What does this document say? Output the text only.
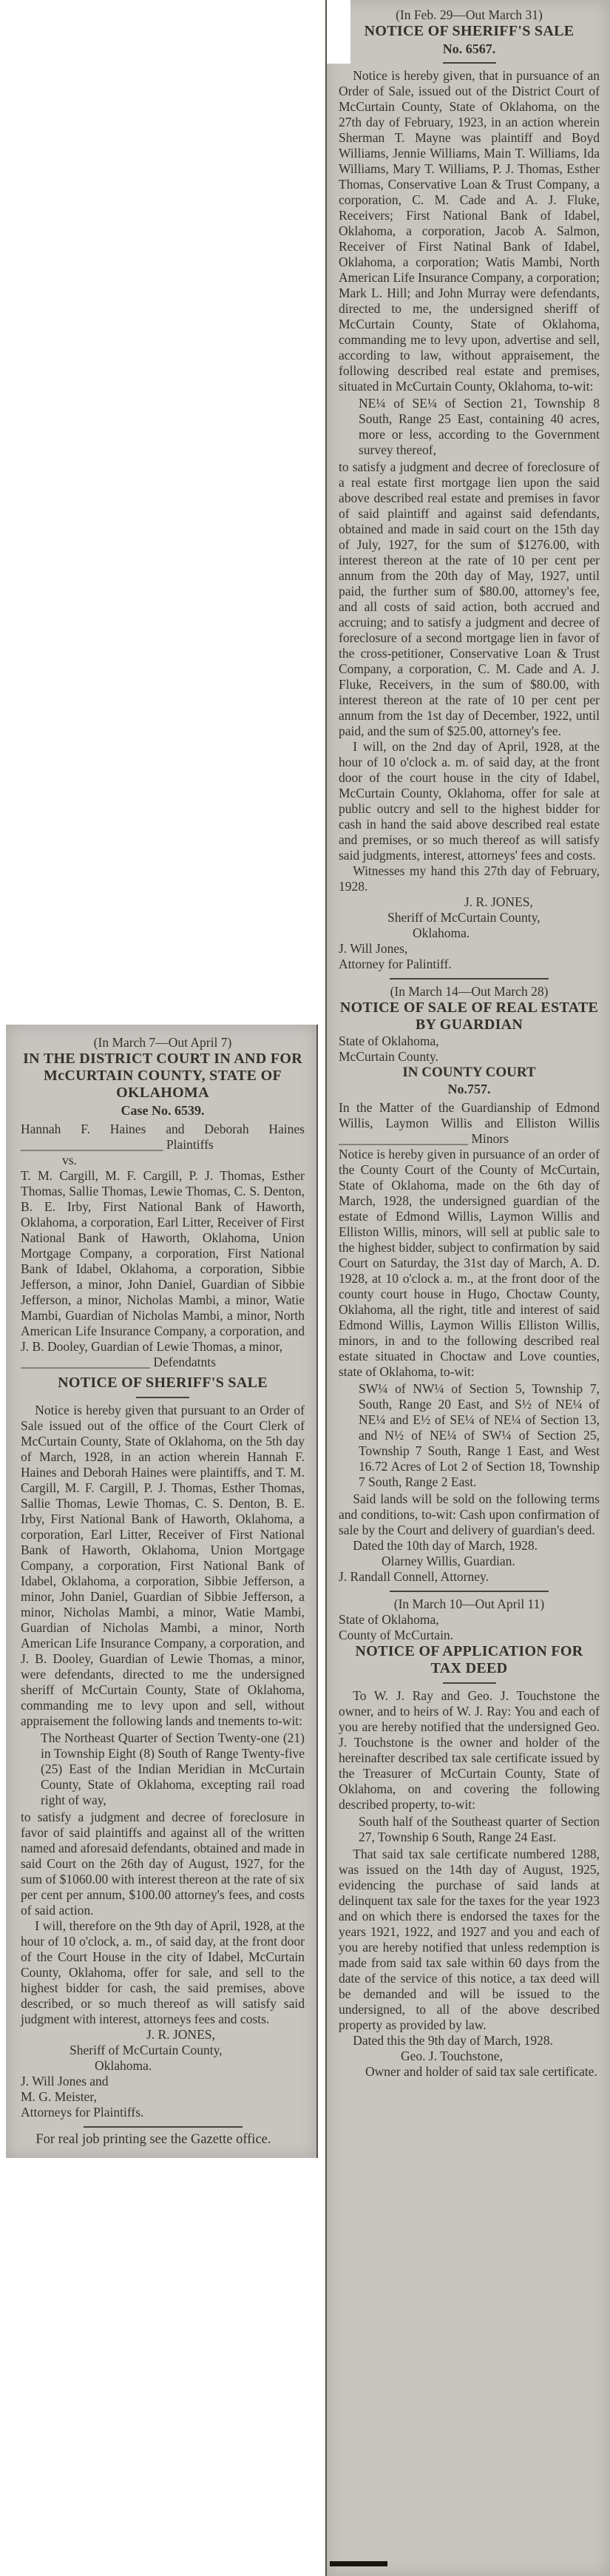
(In Feb. 29—Out March 31)

NOTICE OF SHERIFF'S SALE

No. 6567.

Notice is hereby given, that in pursuance of an Order of Sale, issued out of the District Court of McCurtain County, State of Oklahoma, on the 27th day of February, 1923, in an action wherein Sherman T. Mayne was plaintiff and Boyd Williams, Jennie Williams, Main T. Williams, Ida Williams, Mary T. Williams, P. J. Thomas, Esther Thomas, Conservative Loan & Trust Company, a corporation, C. M. Cade and A. J. Fluke, Receivers; First National Bank of Idabel, Oklahoma, a corporation, Jacob A. Salmon, Receiver of First Natinal Bank of Idabel, Oklahoma, a corporation; Watis Mambi, North American Life Insurance Company, a corporation; Mark L. Hill; and John Murray were defendants, directed to me, the undersigned sheriff of McCurtain County, State of Oklahoma, commanding me to levy upon, advertise and sell, according to law, without appraisement, the following described real estate and premises, situated in McCurtain County, Oklahoma, to-wit:

NE¼ of SE¼ of Section 21, Township 8 South, Range 25 East, containing 40 acres, more or less, according to the Government survey thereof,

to satisfy a judgment and decree of foreclosure of a real estate first mortgage lien upon the said above described real estate and premises in favor of said plaintiff and against said defendants, obtained and made in said court on the 15th day of July, 1927, for the sum of $1276.00, with interest thereon at the rate of 10 per cent per annum from the 20th day of May, 1927, until paid, the further sum of $80.00, attorney's fee, and all costs of said action, both accrued and accruing; and to satisfy a judgment and decree of foreclosure of a second mortgage lien in favor of the cross-petitioner, Conservative Loan & Trust Company, a corporation, C. M. Cade and A. J. Fluke, Receivers, in the sum of $80.00, with interest thereon at the rate of 10 per cent per annum from the 1st day of December, 1922, until paid, and the sum of $25.00, attorney's fee.

I will, on the 2nd day of April, 1928, at the hour of 10 o'clock a. m. of said day, at the front door of the court house in the city of Idabel, McCurtain County, Oklahoma, offer for sale at public outcry and sell to the highest bidder for cash in hand the said above described real estate and premises, or so much thereof as will satisfy said judgments, interest, attorneys' fees and costs.

Witnesses my hand this 27th day of February, 1928.

J. R. JONES,

Sheriff of McCurtain County,

Oklahoma.

J. Will Jones,

Attorney for Palintiff.

(In March 14—Out March 28)

NOTICE OF SALE OF REAL ESTATE BY GUARDIAN

State of Oklahoma,

McCurtain County.

IN COUNTY COURT

No.757.

In the Matter of the Guardianship of Edmond Willis, Laymon Willis and Elliston Willis ____________________ Minors

Notice is hereby given in pursuance of an order of the County Court of the County of McCurtain, State of Oklahoma, made on the 6th day of March, 1928, the undersigned guardian of the estate of Edmond Willis, Laymon Willis and Elliston Willis, minors, will sell at public sale to the highest bidder, subject to confirmation by said Court on Saturday, the 31st day of March, A. D. 1928, at 10 o'clock a. m., at the front door of the county court house in Hugo, Choctaw County, Oklahoma, all the right, title and interest of said Edmond Willis, Laymon Willis Elliston Willis, minors, in and to the following described real estate situated in Choctaw and Love counties, state of Oklahoma, to-wit:

SW¼ of NW¼ of Section 5, Township 7, South, Range 20 East, and S½ of NE¼ of NE¼ and E½ of SE¼ of NE¼ of Section 13, and N½ of NE¼ of SW¼ of Section 25, Township 7 South, Range 1 East, and West 16.72 Acres of Lot 2 of Section 18, Township 7 South, Range 2 East.

Said lands will be sold on the following terms and conditions, to-wit: Cash upon confirmation of sale by the Court and delivery of guardian's deed.

Dated the 10th day of March, 1928.

Olarney Willis, Guardian.

J. Randall Connell, Attorney.

(In March 10—Out April 11)

State of Oklahoma,

County of McCurtain.

NOTICE OF APPLICATION FOR TAX DEED

To W. J. Ray and Geo. J. Touchstone the owner, and to heirs of W. J. Ray: You and each of you are hereby notified that the undersigned Geo. J. Touchstone is the owner and holder of the hereinafter described tax sale certificate issued by the Treasurer of McCurtain County, State of Oklahoma, on and covering the following described property, to-wit:

South half of the Southeast quarter of Section 27, Township 6 South, Range 24 East.

That said tax sale certificate numbered 1288, was issued on the 14th day of August, 1925, evidencing the purchase of said lands at delinquent tax sale for the taxes for the year 1923 and on which there is endorsed the taxes for the years 1921, 1922, and 1927 and you and each of you are hereby notified that unless redemption is made from said tax sale within 60 days from the date of the service of this notice, a tax deed will be demanded and will be issued to the undersigned, to all of the above described property as provided by law.

Dated this the 9th day of March, 1928.

Geo. J. Touchstone,

Owner and holder of said tax sale certificate.

(In March 7—Out April 7)

IN THE DISTRICT COURT IN AND FOR McCURTAIN COUNTY, STATE OF OKLAHOMA

Case No. 6539.

Hannah F. Haines and Deborah Haines ______________________ Plaintiffs

vs.

T. M. Cargill, M. F. Cargill, P. J. Thomas, Esther Thomas, Sallie Thomas, Lewie Thomas, C. S. Denton, B. E. Irby, First National Bank of Haworth, Oklahoma, a corporation, Earl Litter, Receiver of First National Bank of Haworth, Oklahoma, Union Mortgage Company, a corporation, First National Bank of Idabel, Oklahoma, a corporation, Sibbie Jefferson, a minor, John Daniel, Guardian of Sibbie Jefferson, a minor, Nicholas Mambi, a minor, Watie Mambi, Guardian of Nicholas Mambi, a minor, North American Life Insurance Company, a corporation, and J. B. Dooley, Guardian of Lewie Thomas, a minor,

____________________ Defendatnts

NOTICE OF SHERIFF'S SALE

Notice is hereby given that pursuant to an Order of Sale issued out of the office of the Court Clerk of McCurtain County, State of Oklahoma, on the 5th day of March, 1928, in an action wherein Hannah F. Haines and Deborah Haines were plaintiffs, and T. M. Cargill, M. F. Cargill, P. J. Thomas, Esther Thomas, Sallie Thomas, Lewie Thomas, C. S. Denton, B. E. Irby, First National Bank of Haworth, Oklahoma, a corporation, Earl Litter, Receiver of First National Bank of Haworth, Oklahoma, Union Mortgage Company, a corporation, First National Bank of Idabel, Oklahoma, a corporation, Sibbie Jefferson, a minor, John Daniel, Guardian of Sibbie Jefferson, a minor, Nicholas Mambi, a minor, Watie Mambi, Guardian of Nicholas Mambi, a minor, North American Life Insurance Company, a corporation, and J. B. Dooley, Guardian of Lewie Thomas, a minor, were defendants, directed to me the undersigned sheriff of McCurtain County, State of Oklahoma, commanding me to levy upon and sell, without appraisement the following lands and tnements to-wit:

The Northeast Quarter of Section Twenty-one (21) in Township Eight (8) South of Range Twenty-five (25) East of the Indian Meridian in McCurtain County, State of Oklahoma, excepting rail road right of way,

to satisfy a judgment and decree of foreclosure in favor of said plaintiffs and against all of the written named and aforesaid defendants, obtained and made in said Court on the 26th day of August, 1927, for the sum of $1060.00 with interest thereon at the rate of six per cent per annum, $100.00 attorney's fees, and costs of said action.

I will, therefore on the 9th day of April, 1928, at the hour of 10 o'clock, a. m., of said day, at the front door of the Court House in the city of Idabel, McCurtain County, Oklahoma, offer for sale, and sell to the highest bidder for cash, the said premises, above described, or so much thereof as will satisfy said judgment with interest, attorneys fees and costs.

J. R. JONES,

Sheriff of McCurtain County,

Oklahoma.

J. Will Jones and

M. G. Meister,

Attorneys for Plaintiffs.

For real job printing see the Gazette office.
